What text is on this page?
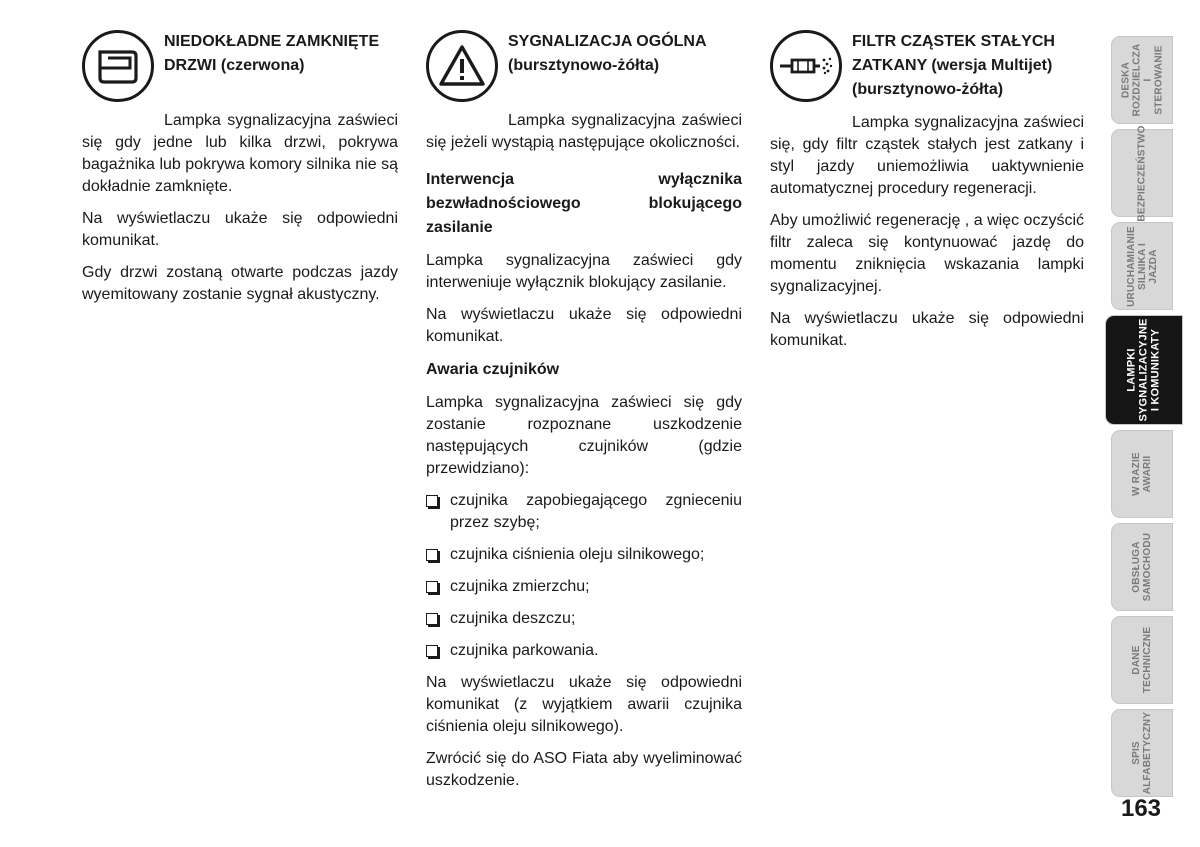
NIEDOKŁADNE ZAMKNIĘTE DRZWI (czerwona)

Lampka sygnalizacyjna zaświeci się gdy jedne lub kilka drzwi, pokrywa bagażnika lub pokrywa komory silnika nie są dokładnie zamknięte.

Na wyświetlaczu ukaże się odpowiedni komunikat.

Gdy drzwi zostaną otwarte podczas jazdy wyemitowany zostanie sygnał akustyczny.

SYGNALIZACJA OGÓLNA (bursztynowo-żółta)

Lampka sygnalizacyjna zaświeci się jeżeli wystąpią następujące okoliczności.

Interwencja wyłącznika bezwładnościowego blokującego zasilanie

Lampka sygnalizacyjna zaświeci gdy interweniuje wyłącznik blokujący zasilanie.

Na wyświetlaczu ukaże się odpowiedni komunikat.

Awaria czujników

Lampka sygnalizacyjna zaświeci się gdy zostanie rozpoznane uszkodzenie następujących czujników (gdzie przewidziano):

czujnika zapobiegającego zgnieceniu przez szybę;
czujnika ciśnienia oleju silnikowego;
czujnika zmierzchu;
czujnika deszczu;
czujnika parkowania.

Na wyświetlaczu ukaże się odpowiedni komunikat (z wyjątkiem awarii czujnika ciśnienia oleju silnikowego).

Zwrócić się do ASO Fiata aby wyeliminować uszkodzenie.

FILTR CZĄSTEK STAŁYCH ZATKANY (wersja Multijet) (bursztynowo-żółta)

Lampka sygnalizacyjna zaświeci się, gdy filtr cząstek stałych jest zatkany i styl jazdy uniemożliwia uaktywnienie automatycznej procedury regeneracji.

Aby umożliwić regenerację , a więc oczyścić filtr zaleca się kontynuować jazdę do momentu zniknięcia wskazania lampki sygnalizacyjnej.

Na wyświetlaczu ukaże się odpowiedni komunikat.

DESKA
ROZDZIELCZA
I STEROWANIE
BEZPIECZEŃSTWO
URUCHAMIANIE
SILNIKA I JAZDA
LAMPKI
SYGNALIZACYJNE
I KOMUNIKATY
W RAZIE AWARII
OBSŁUGA
SAMOCHODU
DANE
TECHNICZNE
SPIS
ALFABETYCZNY
163
